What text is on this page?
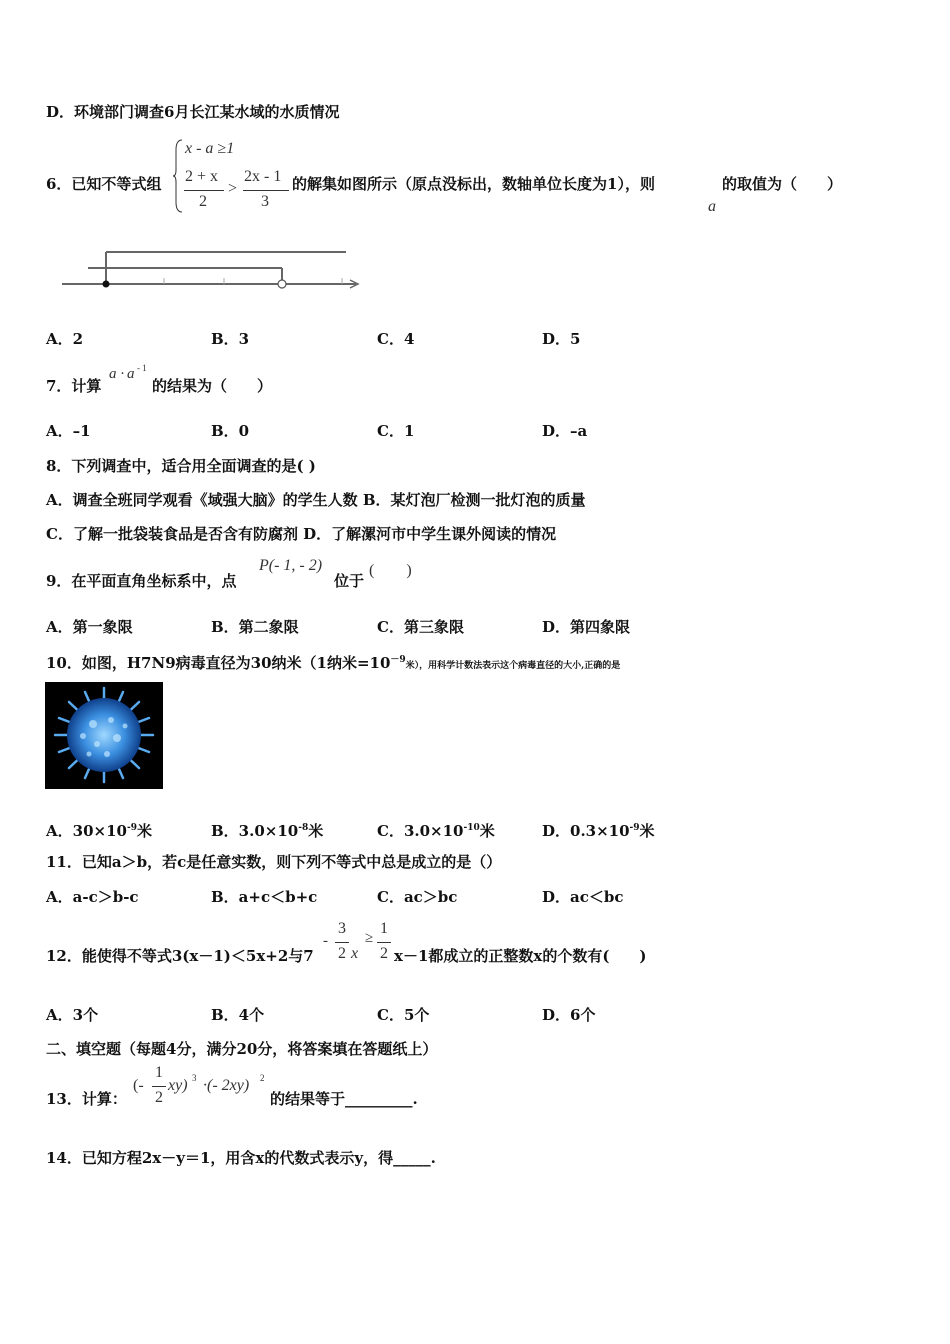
D．环境部门调查6月长江某水域的水质情况
6．已知不等式组
x - a ≥1
2 + x
2
>
2x - 1
3
的解集如图所示（原点没标出，数轴单位长度为1），则
a
的取值为（　　）
A．2	B．3	C．4	D．5
7．计算
a · a - 1
的结果为（　　）
A．–1	B．0	C．1	D．–a
8．下列调查中，适合用全面调查的是( )
A．调查全班同学观看《域强大脑》的学生人数 B．某灯泡厂检测一批灯泡的质量
C．了解一批袋装食品是否含有防腐剂 D．了解漯河市中学生课外阅读的情况
9．在平面直角坐标系中，点
P(- 1, - 2)
位于
(　　)
A．第一象限	B．第二象限	C．第三象限	D．第四象限
10．如图，H7N9病毒直径为30纳米（1纳米$=10^{-9}$米），用科学计数法表示这个病毒直径的大小,正确的是
A．$30\times 10^{-9}$米	B．$3.0\times 10^{-8}$米	C．$3.0\times 10^{-10}$米	D．$0.3\times 10^{-9}$米
11．已知a＞b，若c是任意实数，则下列不等式中总是成立的是（）
A．a-c＞b-c	B．a+c＜b+c	C．ac＞bc	D．ac＜bc
12．能使得不等式3(x－1)＜5x+2与7
-
3
2 x
≥
1
2 x－1都成立的正整数x的个数有(　　)
A．3个	B．4个	C．5个	D．6个
二、填空题（每题4分，满分20分，将答案填在答题纸上）
13．计算：
(-
1
2
xy) 3 ·(- 2xy) 2
的结果等于_________.
14．已知方程2x－y＝1，用含x的代数式表示y，得_____.
